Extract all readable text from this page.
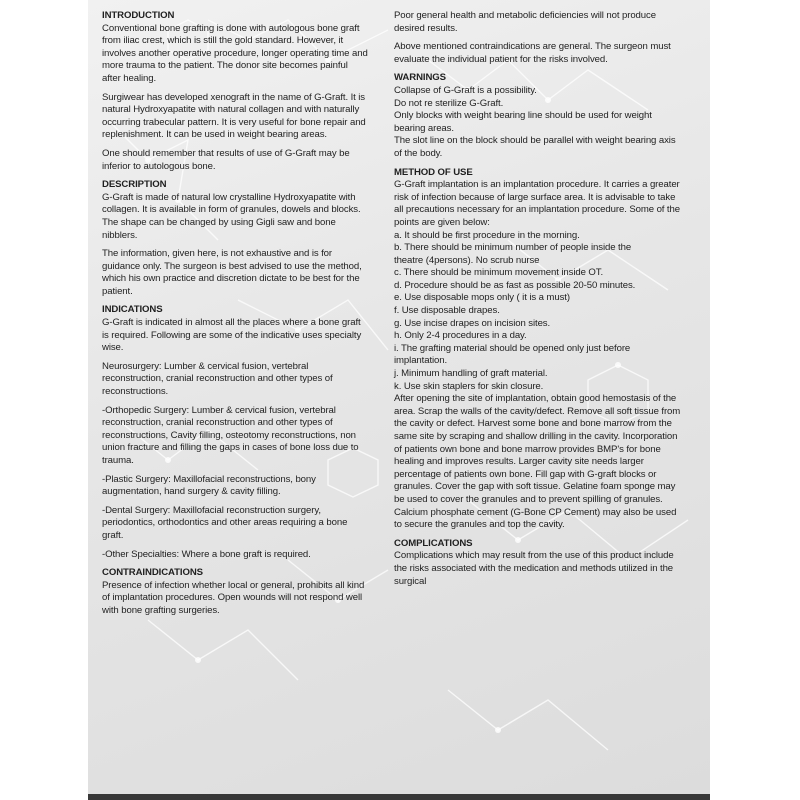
INTRODUCTION

Conventional bone grafting is done with autologous bone graft from iliac crest, which is still the gold standard. However, it involves another operative procedure, longer operating time and more trauma to the patient. The donor site becomes painful after healing.

Surgiwear has developed xenograft in the name of G-Graft. It is natural Hydroxyapatite with natural collagen and with naturally occurring trabecular pattern. It is very useful for bone repair and replenishment. It can be used in weight bearing areas.

One should remember that results of use of G-Graft may be inferior to autologous bone.

DESCRIPTION

G-Graft is made of natural low crystalline Hydroxyapatite with collagen. It is available in form of granules, dowels and blocks. The shape can be changed by using Gigli saw and bone nibblers.

The information, given here, is not exhaustive and is for guidance only. The surgeon is best advised to use the method, which his own practice and discretion dictate to be best for the patient.

INDICATIONS

G-Graft is indicated in almost all the places where a bone graft is required. Following are some of the indicative uses specialty wise.

Neurosurgery: Lumber & cervical fusion, vertebral reconstruction, cranial reconstruction and other types of reconstructions.

-Orthopedic Surgery: Lumber & cervical fusion, vertebral reconstruction, cranial reconstruction and other types of reconstructions, Cavity filling, osteotomy reconstructions, non union fracture and filling the gaps in cases of bone loss due to trauma.

-Plastic Surgery: Maxillofacial reconstructions, bony augmentation, hand surgery & cavity filling.

-Dental Surgery: Maxillofacial reconstruction surgery, periodontics, orthodontics and other areas requiring a bone graft.

-Other Specialties: Where a bone graft is required.

CONTRAINDICATIONS

Presence of infection whether local or general, prohibits all kind of implantation procedures. Open wounds will not respond well with bone grafting surgeries.

Poor general health and metabolic deficiencies will not produce desired results.

Above mentioned contraindications are general. The surgeon must evaluate the individual patient for the risks involved.

WARNINGS
Collapse of G-Graft is a possibility.
Do not re sterilize G-Graft.
Only blocks with weight bearing line should be used for weight bearing areas.
The slot line on the block should be parallel with weight bearing axis of the body.
METHOD OF USE

G-Graft implantation is an implantation procedure. It carries a greater risk of infection because of large surface area. It is advisable to take all precautions necessary for an implantation procedure. Some of the points are given below:

a. It should be first procedure in the morning.
b. There should be minimum number of people inside the
theatre (4persons). No scrub nurse
c. There should be minimum movement inside OT.
d. Procedure should be as fast as possible 20-50 minutes.
e. Use disposable mops only ( it is a must)
f. Use disposable drapes.
g. Use incise drapes on incision sites.
h. Only 2-4 procedures in a day.
i. The grafting material should be opened only just before implantation.
j. Minimum handling of graft material.
k. Use skin staplers for skin closure.

After opening the site of implantation, obtain good hemostasis of the area. Scrap the walls of the cavity/defect. Remove all soft tissue from the cavity or defect. Harvest some bone and bone marrow from the same site by scraping and shallow drilling in the cavity. Incorporation of patients own bone and bone marrow provides BMP's for bone healing and improves results. Larger cavity site needs larger percentage of patients own bone. Fill gap with G-graft blocks or granules. Cover the gap with soft tissue. Gelatine foam sponge may be used to cover the granules and to prevent spilling of granules. Calcium phosphate cement (G-Bone CP Cement) may also be used to secure the granules and top the cavity.

COMPLICATIONS

Complications which may result from the use of this product include the risks associated with the medication and methods utilized in the surgical
